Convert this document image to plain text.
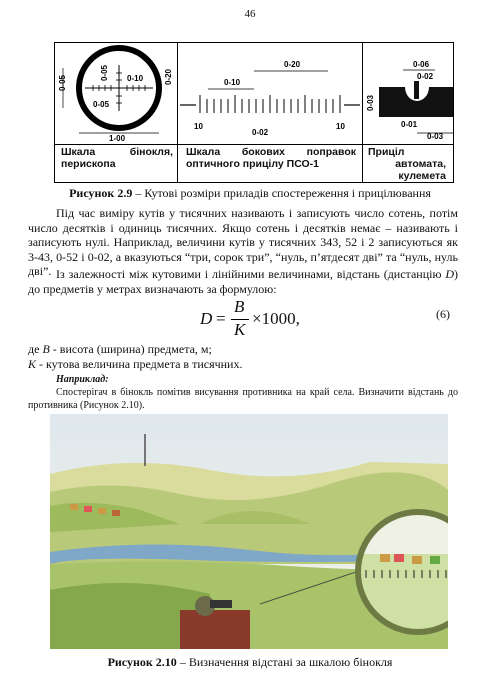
46
0-05
0-05 0-10
0-05
0-20
1-00
0-20
0-10
10
0-02
10
0-06
0-02
0-03
0-01
0-03
Шкала	бінокля,
перископа
Шкала бокових поправок
оптичного прицілу ПСО-1
Приціл
автомата,
кулемета
Рисунок 2.9 – Кутові розміри приладів спостереження і прицілювання
Під час виміру кутів у тисячних називають і записують число сотень, потім число десятків і одиниць тисячних. Якщо сотень і десятків немає – називають і записують нулі. Наприклад, величини кутів у тисячних 343, 52 і 2 записуються як 3-43, 0-52 і 0-02, а вказуються “три, сорок три”, “нуль, п’ятдесят дві” та “нуль, нуль дві”. Із залежності між кутовими і лінійними величинами, відстань (дистанцію D) до предметів у метрах визначають за формулою:
D =
B
К
×1000,	(6)
де B - висота (ширина) предмета, м;
К - кутова величина предмета в тисячних.
Наприклад:
Спостерігач в бінокль помітив висування противника на край села. Визначити відстань до противника (Рисунок 2.10).
Рисунок 2.10 – Визначення відстані за шкалою бінокля
